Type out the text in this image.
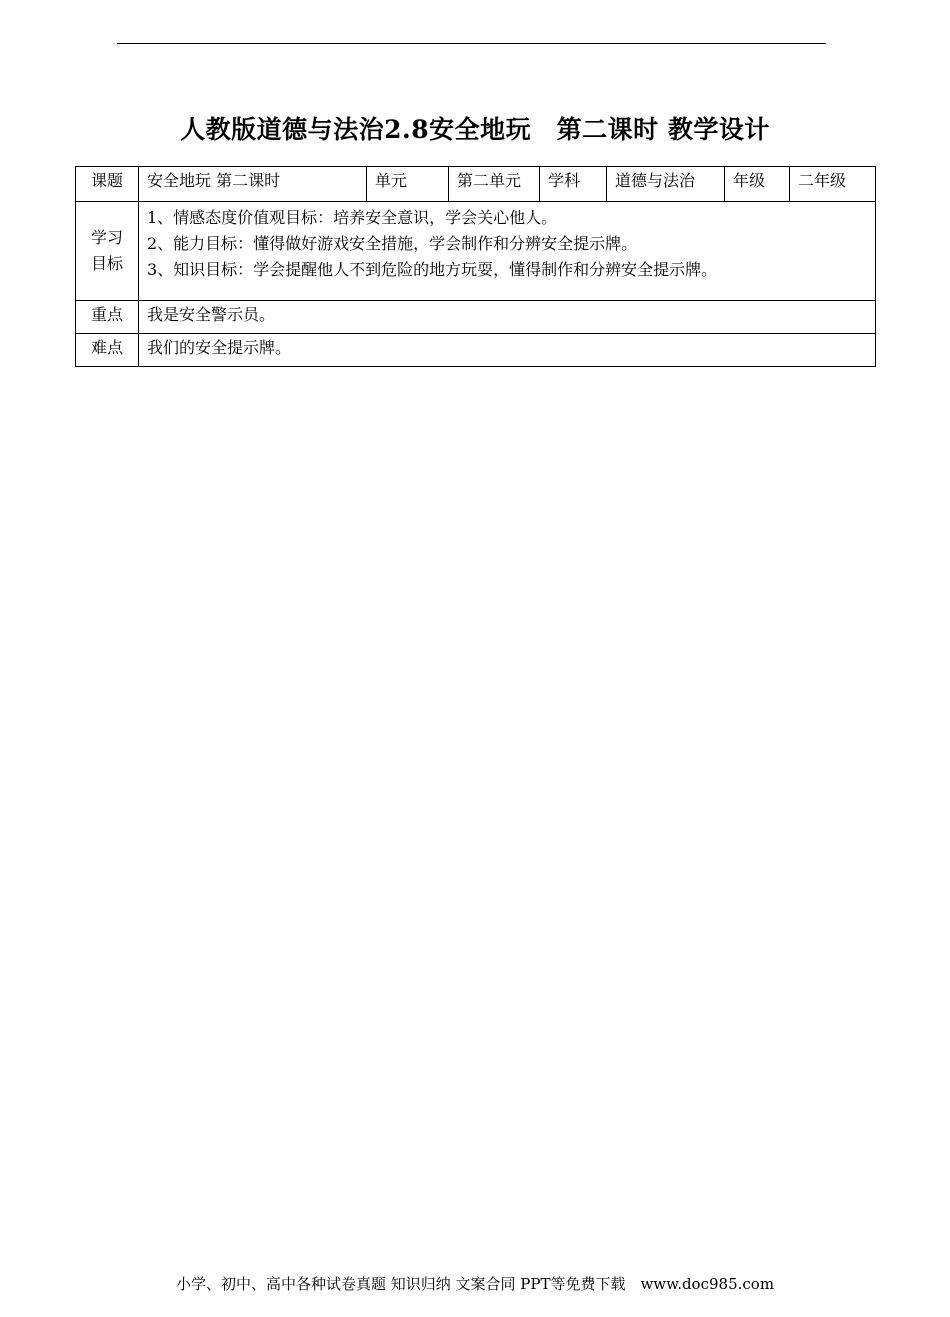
人教版道德与法治2.8安全地玩　第二课时 教学设计
课题	安全地玩 第二课时	单元	第二单元	学科	道德与法治	年级	二年级

学习
目标	1、情感态度价值观目标：培养安全意识，学会关心他人。
2、能力目标：懂得做好游戏安全措施，学会制作和分辨安全提示牌。
3、知识目标：学会提醒他人不到危险的地方玩耍，懂得制作和分辨安全提示牌。						

重点	我是安全警示员。						
难点	我们的安全提示牌。						
小学、初中、高中各种试卷真题 知识归纳 文案合同 PPT等免费下载　www.doc985.com
